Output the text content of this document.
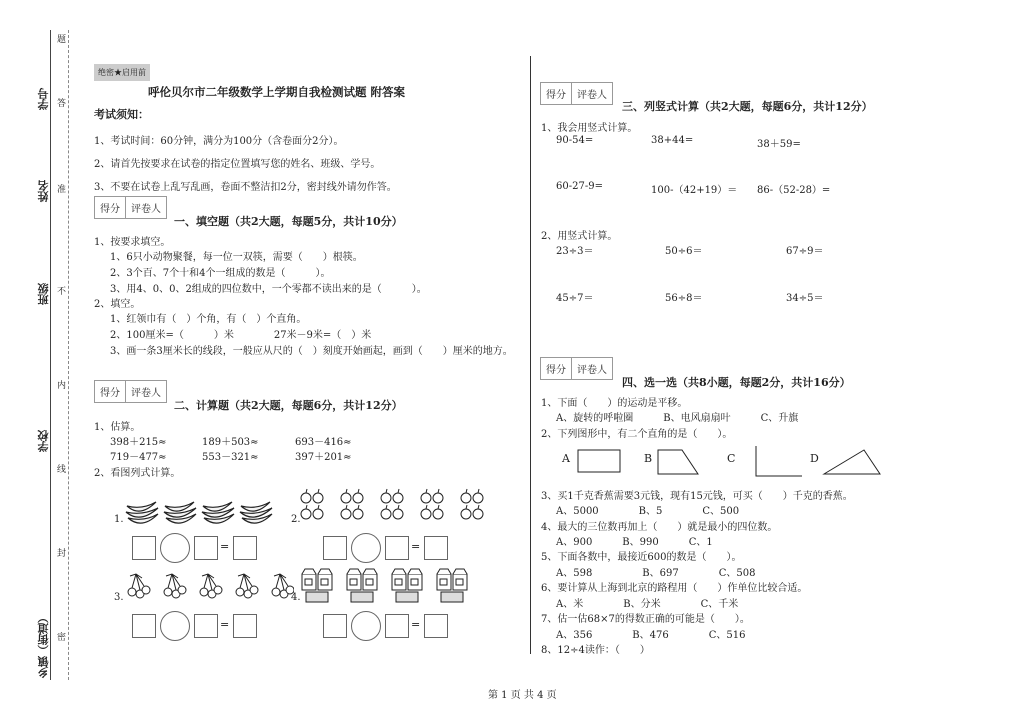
学号
姓名
班级
学校
乡镇（街道）
题
答
准
不
内
线
封
密
绝密★启用前
呼伦贝尔市二年级数学上学期自我检测试题 附答案
考试须知：
1、考试时间：60分钟，满分为100分（含卷面分2分）。
2、请首先按要求在试卷的指定位置填写您的姓名、班级、学号。
3、不要在试卷上乱写乱画，卷面不整洁扣2分，密封线外请勿作答。
得分	评卷人
一、填空题（共2大题，每题5分，共计10分）
1、按要求填空。
1、6只小动物聚餐，每一位一双筷，需要（　　）根筷。
2、3个百、7个十和4个一组成的数是（　　　）。
3、用4、0、0、2组成的四位数中，一个零都不读出来的是（　　　）。
2、填空。
1、红领巾有（　）个角，有（　）个直角。
2、100厘米=（　　　）米　　　　27米－9米=（　）米
3、画一条3厘米长的线段，一般应从尺的（　）刻度开始画起，画到（　　）厘米的地方。
得分	评卷人
二、计算题（共2大题，每题6分，共计12分）
1、估算。
398＋215≈	189＋503≈	693－416≈
719－477≈	553－321≈	397＋201≈
2、看图列式计算。
1.
=
2.
=
3.
=
4.
=
得分	评卷人
三、列竖式计算（共2大题，每题6分，共计12分）
1、我会用竖式计算。
90-54=	38+44=	38＋59=
60-27-9=	100-（42+19）＝ 86-（52-28）=
2、用竖式计算。
23÷3＝	50÷6＝	67÷9＝
45÷7＝	56÷8＝	34÷5＝
得分	评卷人
四、选一选（共8小题，每题2分，共计16分）
1、下面（　　）的运动是平移。
A、旋转的呼啦圈　　　B、电风扇扇叶　　　C、升旗
2、下列图形中，有二个直角的是（　　）。
A	B	C	D
3、买1千克香蕉需要3元钱，现有15元钱，可买（　　）千克的香蕉。
A、5000　　　　B、5　　　　C、500
4、最大的三位数再加上（　　）就是最小的四位数。
A、900　　　B、990　　　C、1
5、下面各数中，最接近600的数是（　　）。
A、598　　　　　B、697　　　　C、508
6、要计算从上海到北京的路程用（　　）作单位比较合适。
A、米　　　　B、分米　　　　C、千米
7、估一估68×7的得数正确的可能是（　　）。
A、356　　　　B、476　　　　C、516
8、12÷4读作：（　　）
第 1 页 共 4 页
